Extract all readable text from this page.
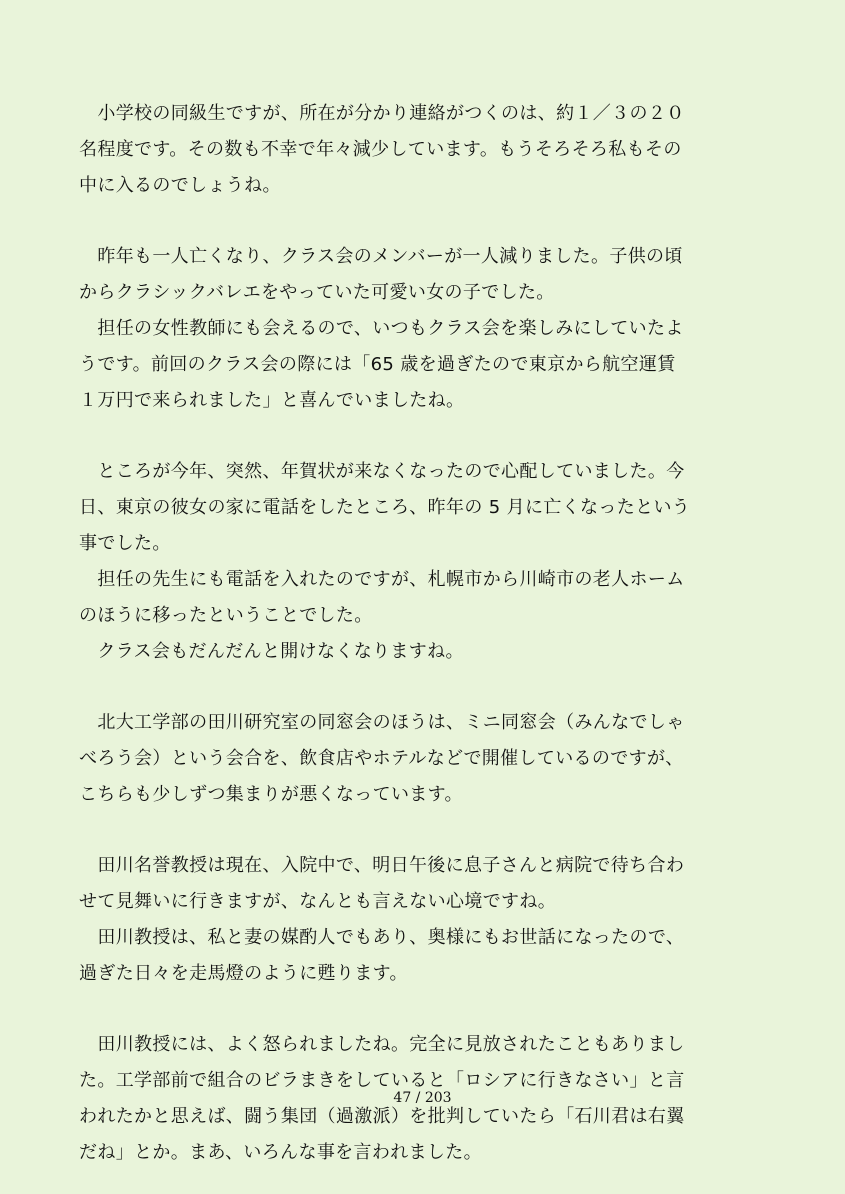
　小学校の同級生ですが、所在が分かり連絡がつくのは、約１／３の２０
名程度です。その数も不幸で年々減少しています。もうそろそろ私もその
中に入るのでしょうね。
　昨年も一人亡くなり、クラス会のメンバーが一人減りました。子供の頃
からクラシックバレエをやっていた可愛い女の子でした。
　担任の女性教師にも会えるので、いつもクラス会を楽しみにしていたよ
うです。前回のクラス会の際には「65 歳を過ぎたので東京から航空運賃
１万円で来られました」と喜んでいましたね。
　ところが今年、突然、年賀状が来なくなったので心配していました。今
日、東京の彼女の家に電話をしたところ、昨年の 5 月に亡くなったという
事でした。
　担任の先生にも電話を入れたのですが、札幌市から川崎市の老人ホーム
のほうに移ったということでした。
　クラス会もだんだんと開けなくなりますね。
　北大工学部の田川研究室の同窓会のほうは、ミニ同窓会（みんなでしゃ
べろう会）という会合を、飲食店やホテルなどで開催しているのですが、
こちらも少しずつ集まりが悪くなっています。
　田川名誉教授は現在、入院中で、明日午後に息子さんと病院で待ち合わ
せて見舞いに行きますが、なんとも言えない心境ですね。
　田川教授は、私と妻の媒酌人でもあり、奥様にもお世話になったので、
過ぎた日々を走馬燈のように甦ります。
　田川教授には、よく怒られましたね。完全に見放されたこともありまし
た。工学部前で組合のビラまきをしていると「ロシアに行きなさい」と言
われたかと思えば、闘う集団（過激派）を批判していたら「石川君は右翼
だね」とか。まあ、いろんな事を言われました。
47 / 203
